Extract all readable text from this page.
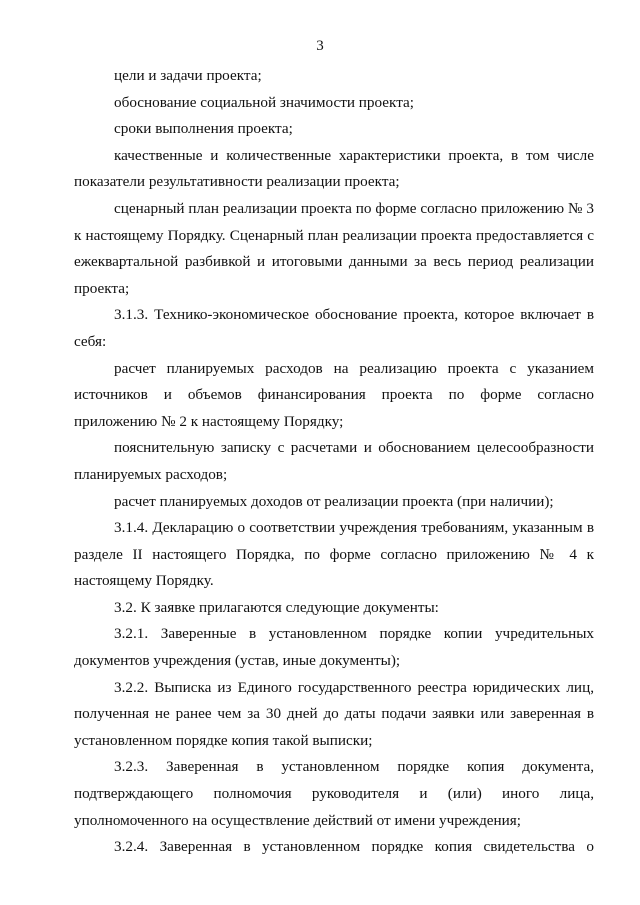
3

цели и задачи проекта;

обоснование социальной значимости проекта;

сроки выполнения проекта;

качественные и количественные характеристики проекта, в том числе показатели результативности реализации проекта;

сценарный план реализации проекта по форме согласно приложению № 3 к настоящему Порядку. Сценарный план реализации проекта предоставляется с ежеквартальной разбивкой и итоговыми данными за весь период реализации проекта;

3.1.3. Технико-экономическое обоснование проекта, которое включает в себя:

расчет планируемых расходов на реализацию проекта с указанием источников и объемов финансирования проекта по форме согласно приложению № 2 к настоящему Порядку;

пояснительную записку с расчетами и обоснованием целесообразности планируемых расходов;

расчет планируемых доходов от реализации проекта (при наличии);

3.1.4. Декларацию о соответствии учреждения требованиям, указанным в разделе II настоящего Порядка, по форме согласно приложению № 4 к настоящему Порядку.

3.2. К заявке прилагаются следующие документы:

3.2.1. Заверенные в установленном порядке копии учредительных документов учреждения (устав, иные документы);

3.2.2. Выписка из Единого государственного реестра юридических лиц, полученная не ранее чем за 30 дней до даты подачи заявки или заверенная в установленном порядке копия такой выписки;

3.2.3. Заверенная в установленном порядке копия документа, подтверждающего полномочия руководителя и (или) иного лица, уполномоченного на осуществление действий от имени учреждения;

3.2.4. Заверенная в установленном порядке копия свидетельства о
